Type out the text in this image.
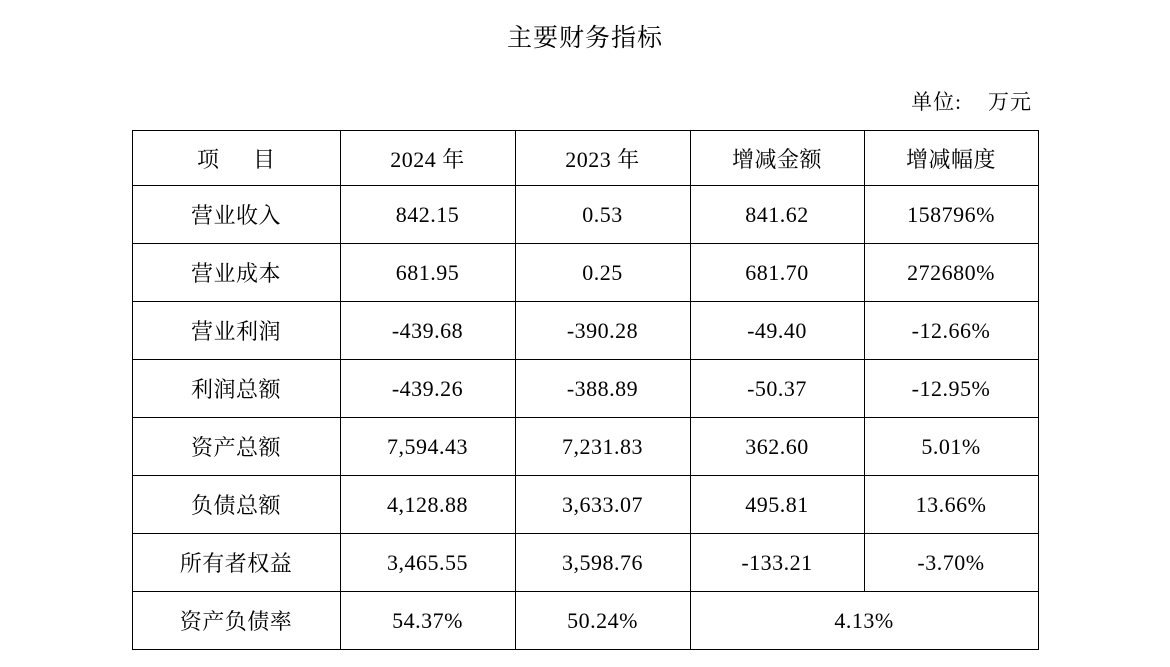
主要财务指标
单位: 万元
项 目	2024 年	2023 年	增减金额	增减幅度
营业收入	842.15	0.53	841.62	158796%
营业成本	681.95	0.25	681.70	272680%
营业利润	-439.68	-390.28	-49.40	-12.66%
利润总额	-439.26	-388.89	-50.37	-12.95%
资产总额	7,594.43	7,231.83	362.60	5.01%
负债总额	4,128.88	3,633.07	495.81	13.66%
所有者权益	3,465.55	3,598.76	-133.21	-3.70%
资产负债率	54.37%	50.24%	4.13%	
